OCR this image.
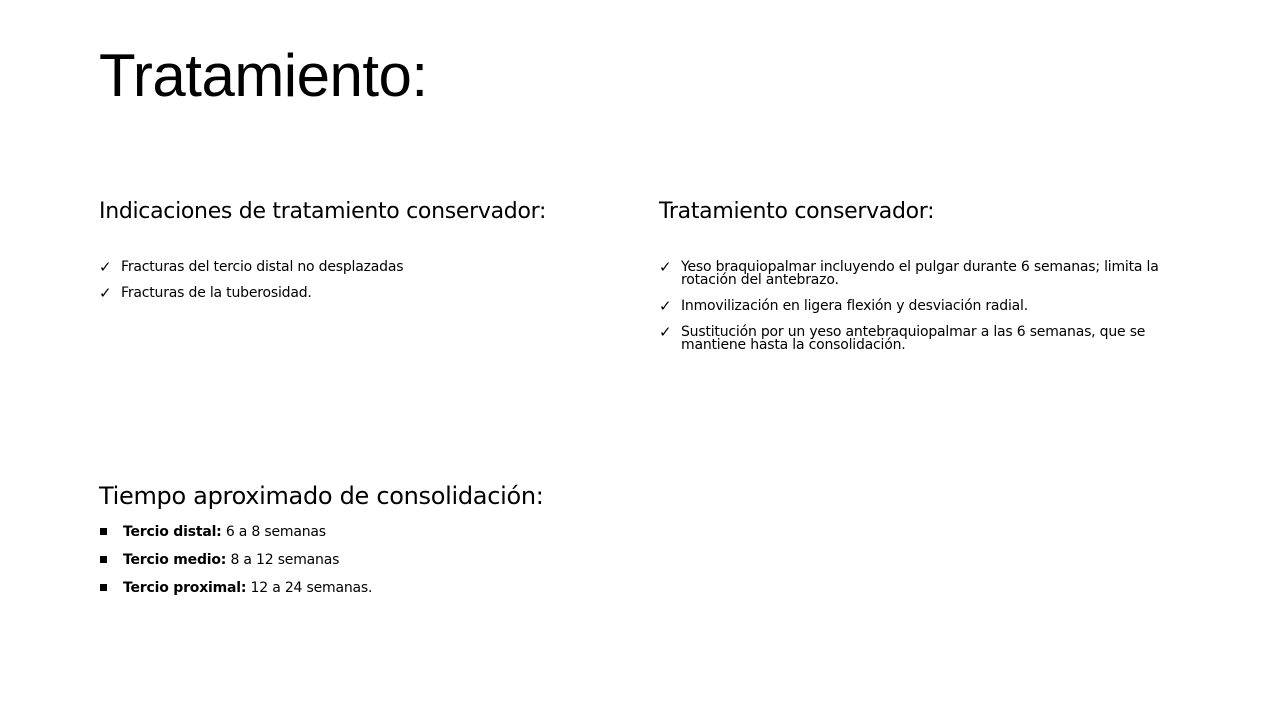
Tratamiento:
Indicaciones de tratamiento conservador:
✓ Fracturas del tercio distal no desplazadas
✓ Fracturas de la tuberosidad.
Tratamiento conservador:
✓ Yeso braquiopalmar incluyendo el pulgar durante 6 semanas; limita la rotación del antebrazo.
✓ Inmovilización en ligera flexión y desviación radial.
✓ Sustitución por un yeso antebraquiopalmar a las 6 semanas, que se mantiene hasta la consolidación.
Tiempo aproximado de consolidación:
Tercio distal: 6 a 8 semanas
Tercio medio: 8 a 12 semanas
Tercio proximal: 12 a 24 semanas.
